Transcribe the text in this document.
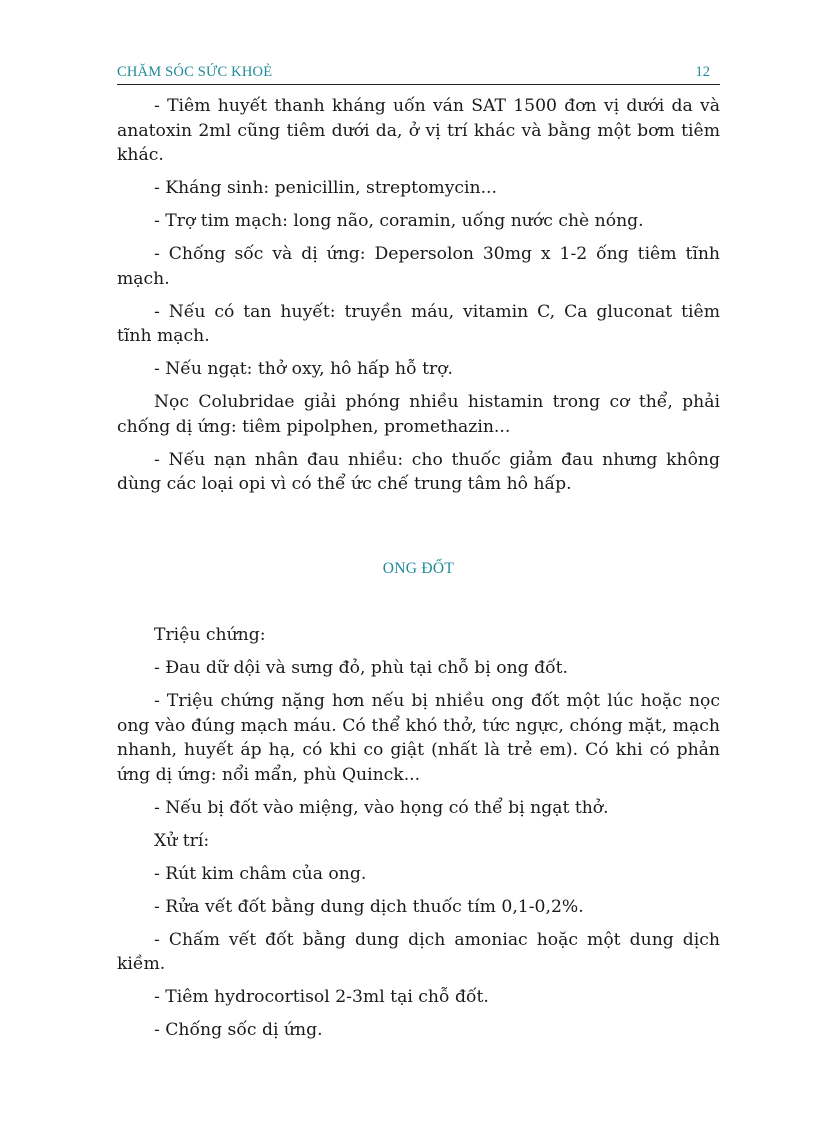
CHĂM SÓC SỨC KHOẺ	12

- Tiêm huyết thanh kháng uốn ván SAT 1500 đơn vị dưới da và anatoxin 2ml cũng tiêm dưới da, ở vị trí khác và bằng một bơm tiêm khác.

- Kháng sinh: penicillin, streptomycin...

- Trợ tim mạch: long não, coramin, uống nước chè nóng.

- Chống sốc và dị ứng: Depersolon 30mg x 1-2 ống tiêm tĩnh mạch.

- Nếu có tan huyết: truyền máu, vitamin C, Ca gluconat tiêm tĩnh mạch.

- Nếu ngạt: thở oxy, hô hấp hỗ trợ.

Nọc Colubridae giải phóng nhiều histamin trong cơ thể, phải chống dị ứng: tiêm pipolphen, promethazin...

- Nếu nạn nhân đau nhiều: cho thuốc giảm đau nhưng không dùng các loại opi vì có thể ức chế trung tâm hô hấp.

ONG ĐỐT

Triệu chứng:

- Đau dữ dội và sưng đỏ, phù tại chỗ bị ong đốt.

- Triệu chứng nặng hơn nếu bị nhiều ong đốt một lúc hoặc nọc ong vào đúng mạch máu. Có thể khó thở, tức ngực, chóng mặt, mạch nhanh, huyết áp hạ, có khi co giật (nhất là trẻ em). Có khi có phản ứng dị ứng: nổi mẩn, phù Quinck...

- Nếu bị đốt vào miệng, vào họng có thể bị ngạt thở.

Xử trí:

- Rút kim châm của ong.

- Rửa vết đốt bằng dung dịch thuốc tím 0,1-0,2%.

- Chấm vết đốt bằng dung dịch amoniac hoặc một dung dịch kiềm.

- Tiêm hydrocortisol 2-3ml tại chỗ đốt.

- Chống sốc dị ứng.
